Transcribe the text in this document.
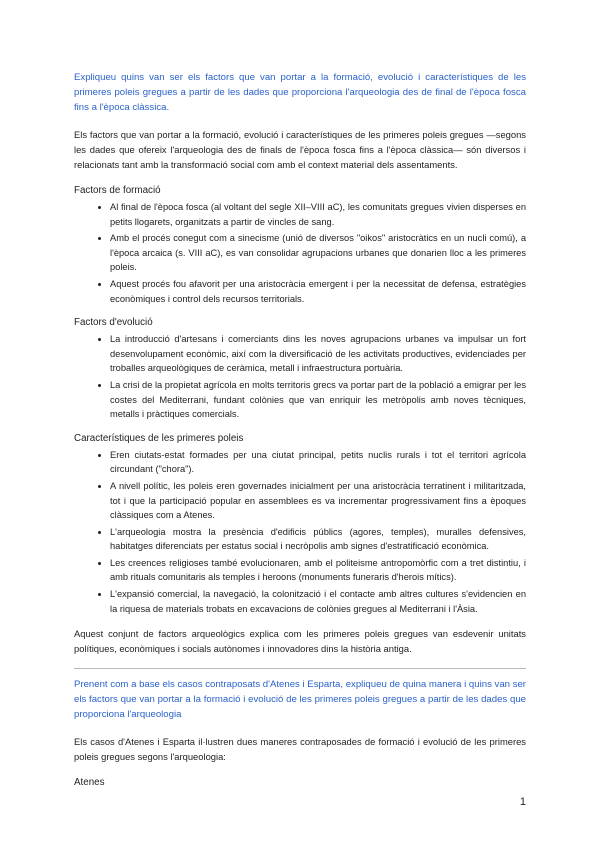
Expliqueu quins van ser els factors que van portar a la formació, evolució i característiques de les primeres poleis gregues a partir de les dades que proporciona l'arqueologia des de final de l'època fosca fins a l'època clàssica.

Els factors que van portar a la formació, evolució i característiques de les primeres poleis gregues —segons les dades que ofereix l'arqueologia des de finals de l'època fosca fins a l'època clàssica— són diversos i relacionats tant amb la transformació social com amb el context material dels assentaments.

Factors de formació
• Al final de l'època fosca (al voltant del segle XII–VIII aC), les comunitats gregues vivien disperses en petits llogarets, organitzats a partir de vincles de sang.
• Amb el procés conegut com a sinecisme (unió de diversos "oikos" aristocràtics en un nucli comú), a l'època arcaica (s. VIII aC), es van consolidar agrupacions urbanes que donarien lloc a les primeres poleis.
• Aquest procés fou afavorit per una aristocràcia emergent i per la necessitat de defensa, estratègies econòmiques i control dels recursos territorials.
Factors d'evolució
• La introducció d'artesans i comerciants dins les noves agrupacions urbanes va impulsar un fort desenvolupament econòmic, així com la diversificació de les activitats productives, evidenciades per troballes arqueològiques de ceràmica, metall i infraestructura portuària.
• La crisi de la propietat agrícola en molts territoris grecs va portar part de la població a emigrar per les costes del Mediterrani, fundant colònies que van enriquir les metròpolis amb noves tècniques, metalls i pràctiques comercials.
Característiques de les primeres poleis
• Eren ciutats-estat formades per una ciutat principal, petits nuclis rurals i tot el territori agrícola circundant ("chora").
• A nivell polític, les poleis eren governades inicialment per una aristocràcia terratinent i militaritzada, tot i que la participació popular en assemblees es va incrementar progressivament fins a èpoques clàssiques com a Atenes.
• L'arqueologia mostra la presència d'edificis públics (agores, temples), muralles defensives, habitatges diferenciats per estatus social i necròpolis amb signes d'estratificació econòmica.
• Les creences religioses també evolucionaren, amb el politeisme antropomòrfic com a tret distintiu, i amb rituals comunitaris als temples i heroons (monuments funeraris d'herois mítics).
• L'expansió comercial, la navegació, la colonització i el contacte amb altres cultures s'evidencien en la riquesa de materials trobats en excavacions de colònies gregues al Mediterrani i l'Àsia.

Aquest conjunt de factors arqueològics explica com les primeres poleis gregues van esdevenir unitats polítiques, econòmiques i socials autònomes i innovadores dins la història antiga.

Prenent com a base els casos contraposats d'Atenes i Esparta, expliqueu de quina manera i quins van ser els factors que van portar a la formació i evolució de les primeres poleis gregues a partir de les dades que proporciona l'arqueologia

Els casos d'Atenes i Esparta il·lustren dues maneres contraposades de formació i evolució de les primeres poleis gregues segons l'arqueologia:

Atenes
1
